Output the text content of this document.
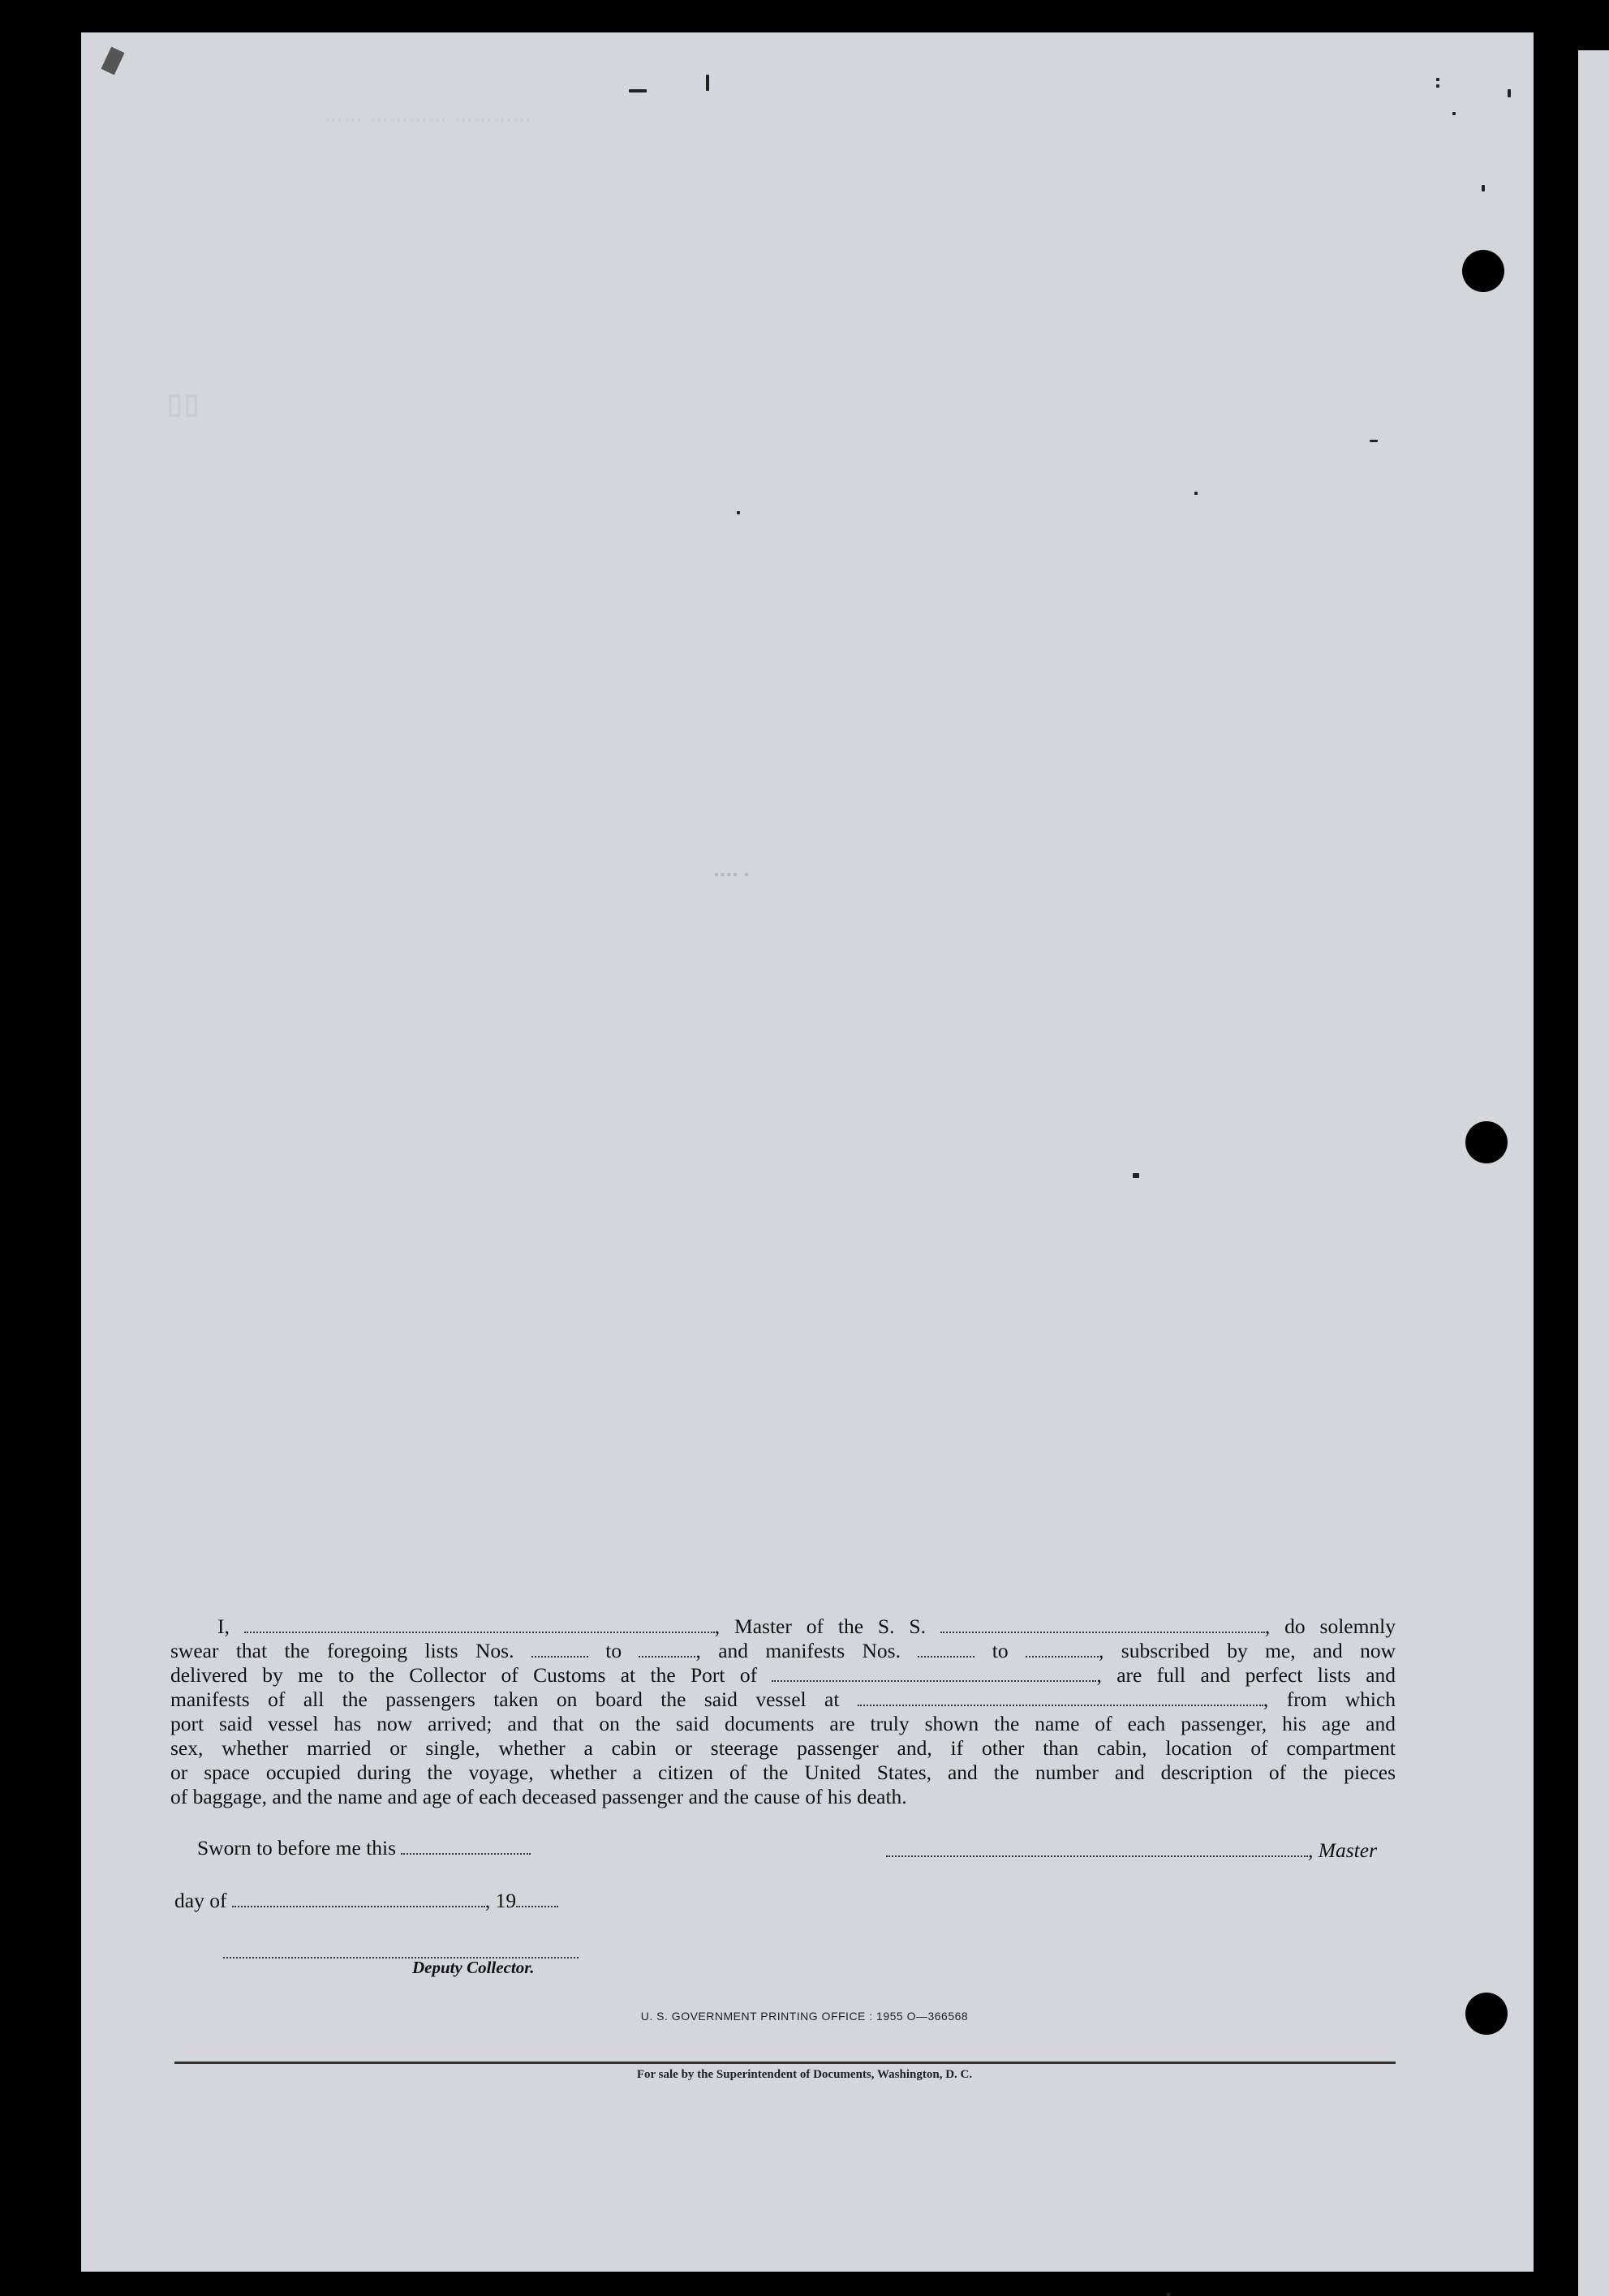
⋯⋯ ⋯⋯⋯⋯ ⋯⋯⋯⋯
▯▯
▪▪▪▪ ▪
I,	, Master of the S. S.	, do solemnly
swear that the foregoing lists Nos.	to	, and manifests Nos.	to	, subscribed by me, and now
delivered by me to the Collector of Customs at the Port of	, are full and perfect lists and
manifests of all the passengers taken on board the said vessel at	, from which
port said vessel has now arrived; and that on the said documents are truly shown the name of each passenger, his age and
sex, whether married or single, whether a cabin or steerage passenger and, if other than cabin, location of compartment
or space occupied during the voyage, whether a citizen of the United States, and the number and description of the pieces
of baggage, and the name and age of each deceased passenger and the cause of his death.
Sworn to before me this	, Master
day of	, 19
Deputy Collector.
U. S. GOVERNMENT PRINTING OFFICE : 1955 O—366568
For sale by the Superintendent of Documents, Washington, D. C.
